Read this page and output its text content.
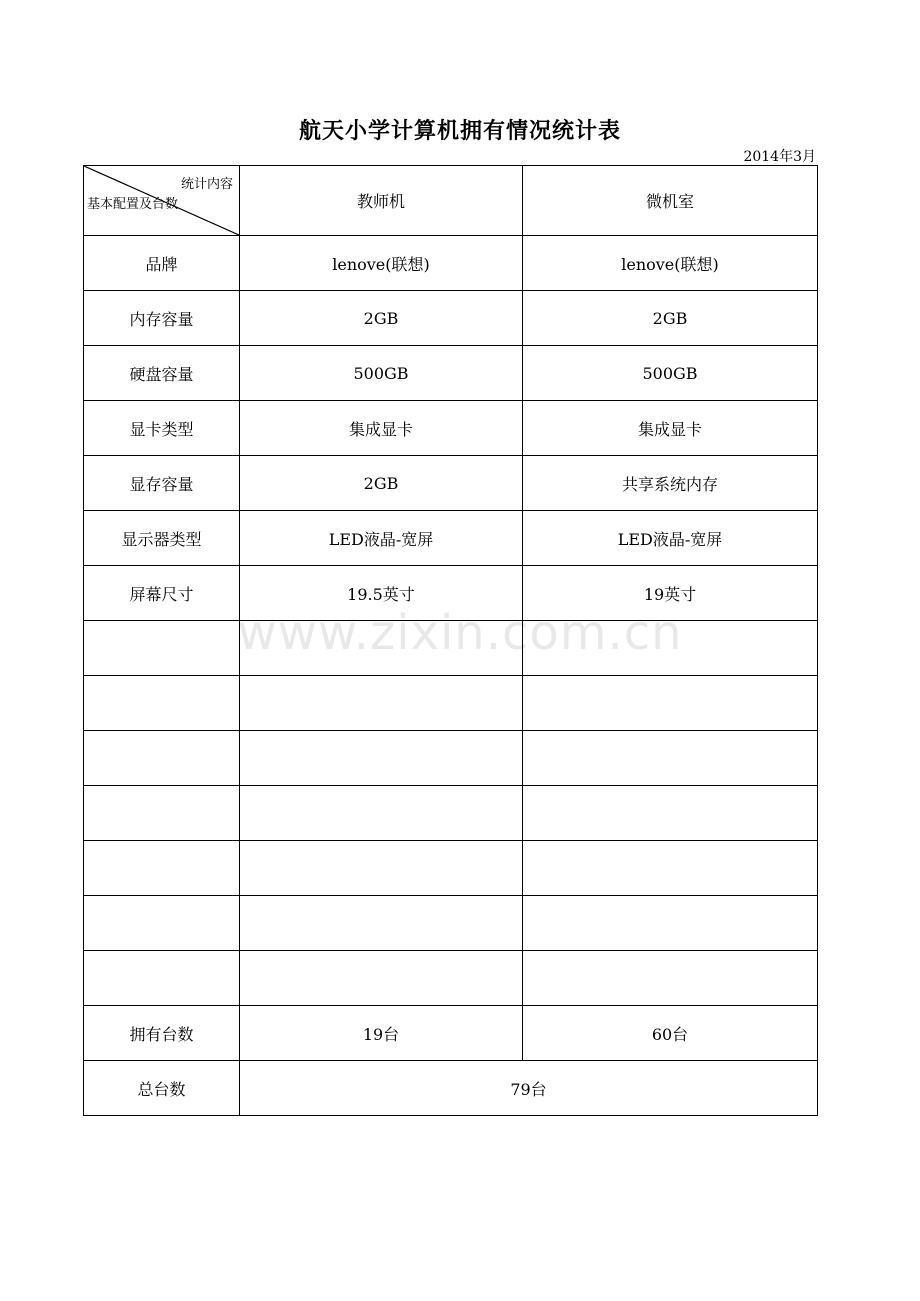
航天小学计算机拥有情况统计表
2014年3月
统计内容
基本配置及台数	教师机	微机室
品牌	lenove(联想)	lenove(联想)
内存容量	2GB	2GB
硬盘容量	500GB	500GB
显卡类型	集成显卡	集成显卡
显存容量	2GB	共享系统内存
显示器类型	LED液晶-宽屏	LED液晶-宽屏
屏幕尺寸	19.5英寸	19英寸

拥有台数	19台	60台
总台数	79台	
www.zixin.com.cn
